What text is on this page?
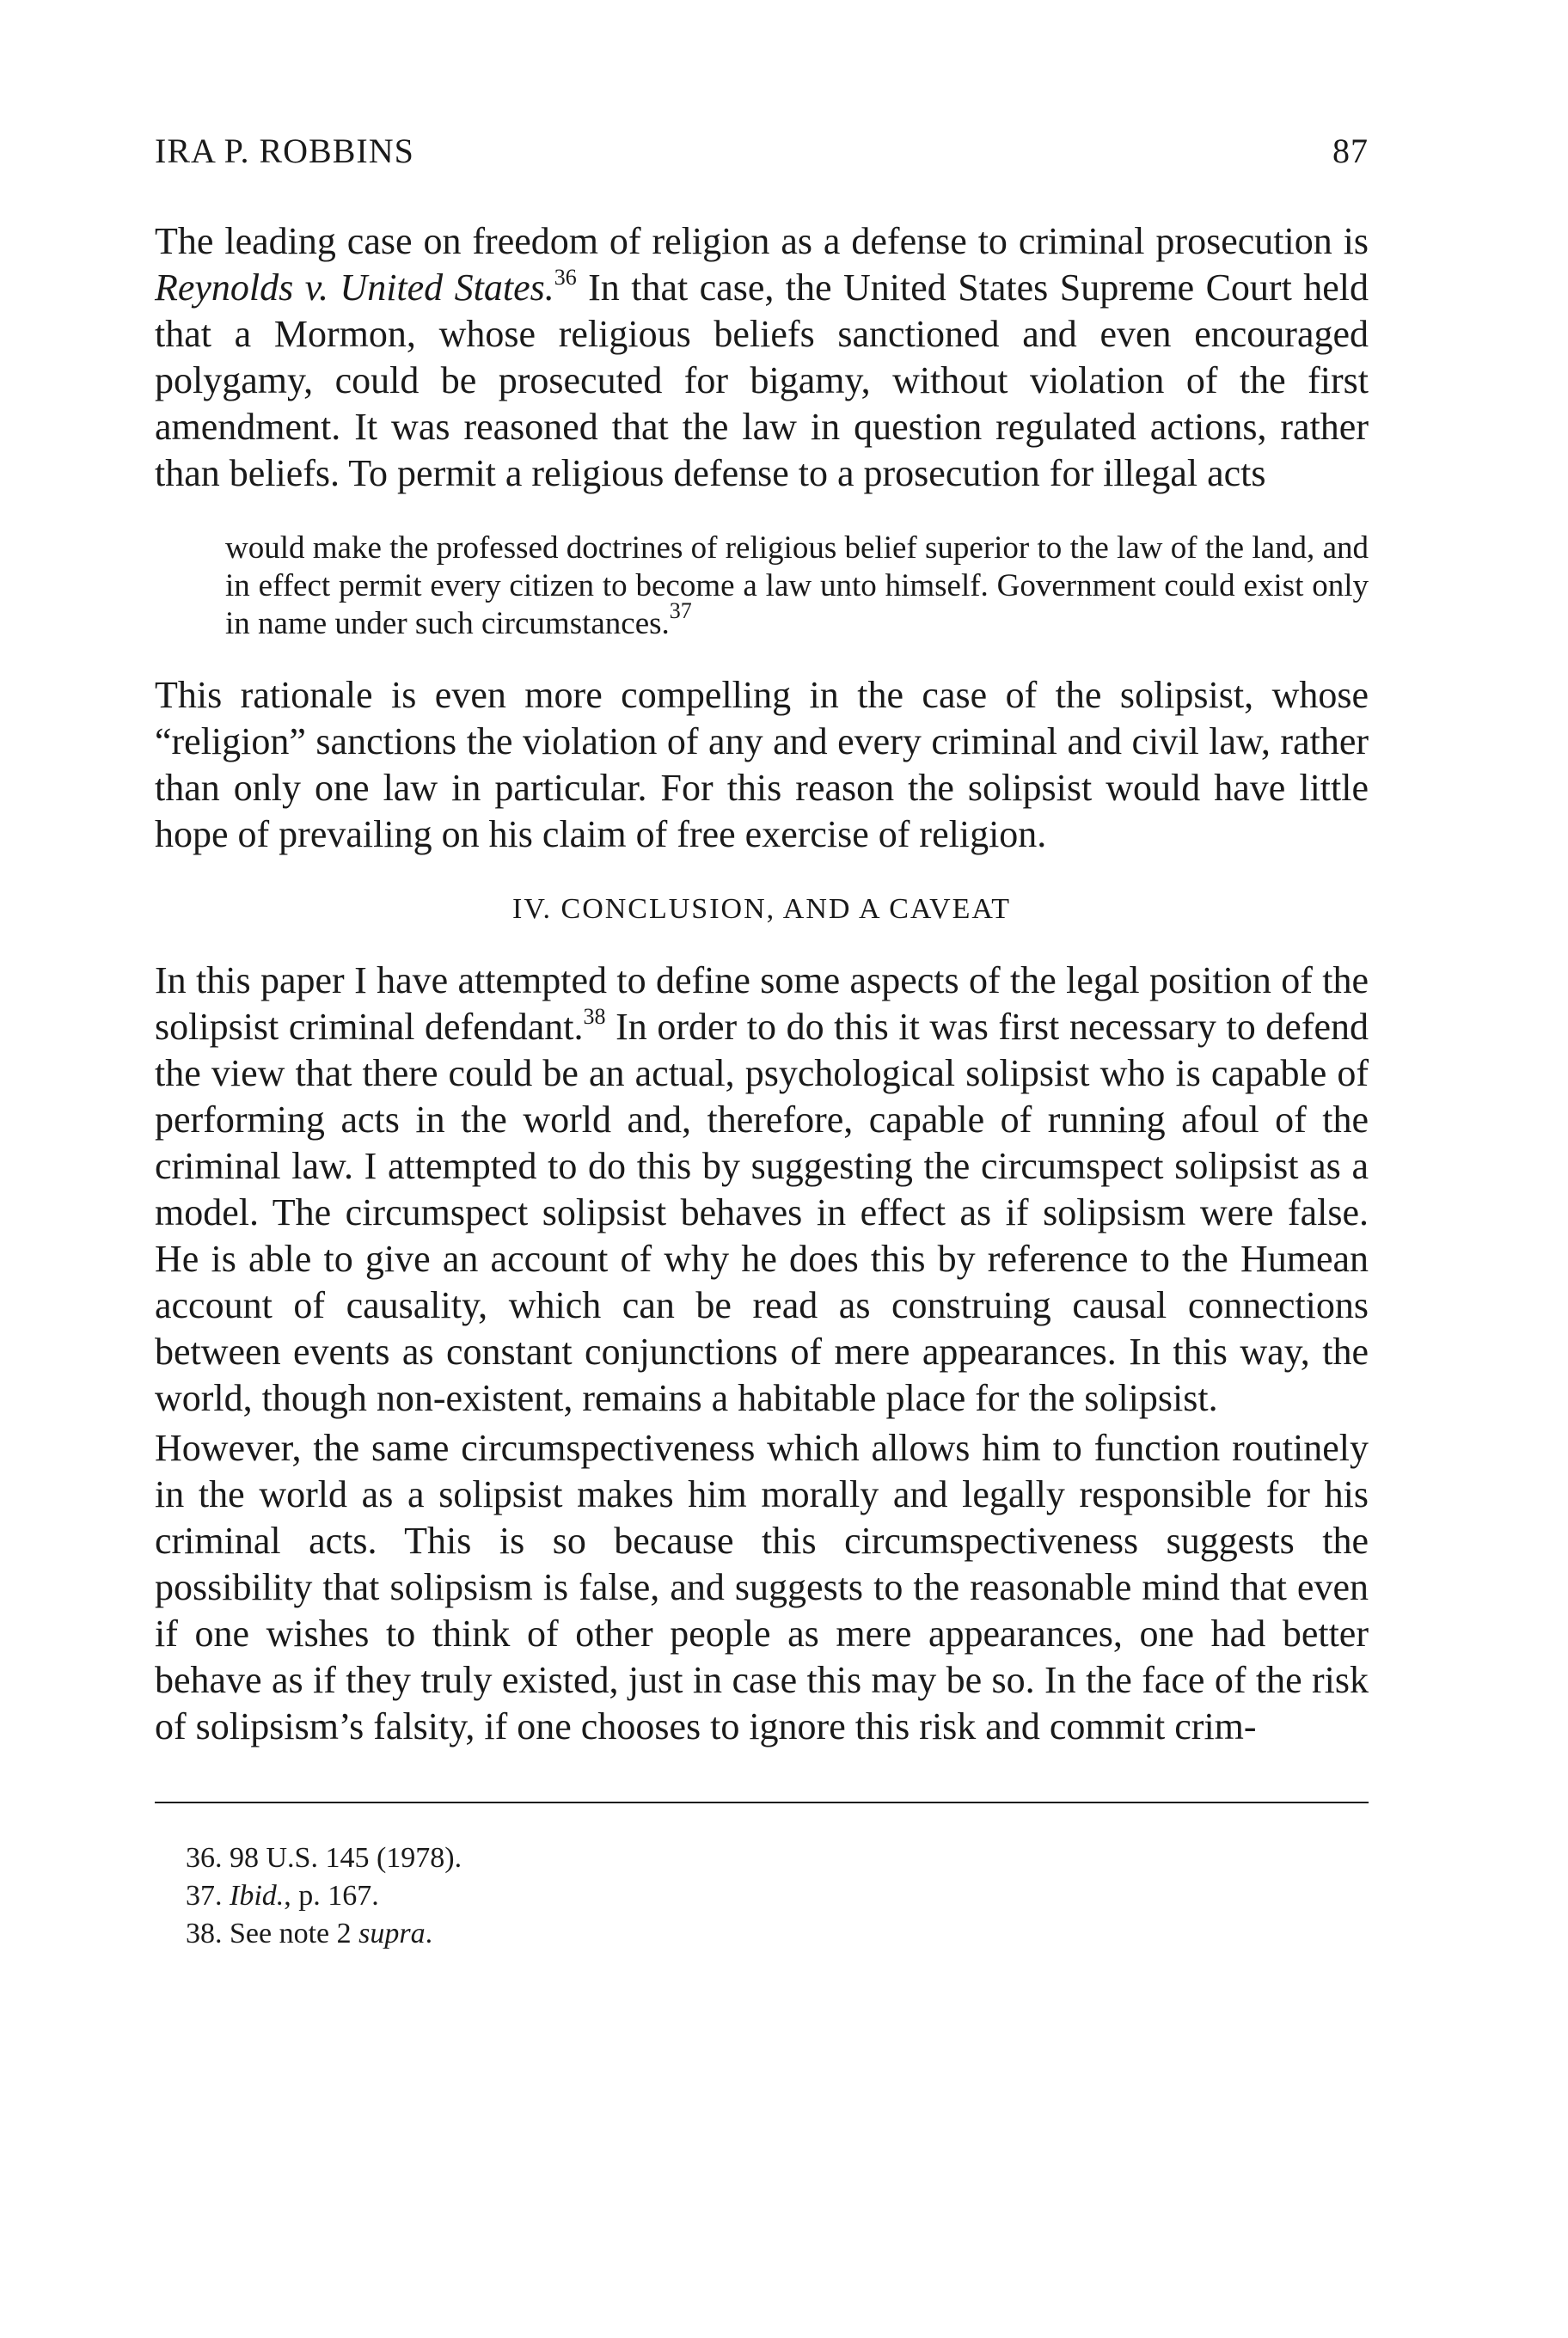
IRA P. ROBBINS	87

The leading case on freedom of religion as a defense to criminal prosecution is Reynolds v. United States.$^{36}$ In that case, the United States Supreme Court held that a Mormon, whose religious beliefs sanctioned and even encouraged polygamy, could be prosecuted for bigamy, without violation of the first amendment. It was reasoned that the law in question regulated actions, rather than beliefs. To permit a religious defense to a prosecution for illegal acts

would make the professed doctrines of religious belief superior to the law of the land, and in effect permit every citizen to become a law unto himself. Government could exist only in name under such circumstances.$^{37}$

This rationale is even more compelling in the case of the solipsist, whose “religion” sanctions the violation of any and every criminal and civil law, rather than only one law in particular. For this reason the solipsist would have little hope of prevailing on his claim of free exercise of religion.

IV. CONCLUSION, AND A CAVEAT

In this paper I have attempted to define some aspects of the legal position of the solipsist criminal defendant.$^{38}$ In order to do this it was first necessary to defend the view that there could be an actual, psychological solipsist who is capable of performing acts in the world and, therefore, capable of running afoul of the criminal law. I attempted to do this by suggesting the circumspect solipsist as a model. The circumspect solipsist behaves in effect as if solipsism were false. He is able to give an account of why he does this by reference to the Humean account of causality, which can be read as construing causal connections between events as constant conjunctions of mere appearances. In this way, the world, though non-existent, remains a habitable place for the solipsist.

However, the same circumspectiveness which allows him to function routinely in the world as a solipsist makes him morally and legally responsible for his criminal acts. This is so because this circumspectiveness suggests the possibility that solipsism is false, and suggests to the reasonable mind that even if one wishes to think of other people as mere appearances, one had better behave as if they truly existed, just in case this may be so. In the face of the risk of solipsism’s falsity, if one chooses to ignore this risk and commit crim-

36. 98 U.S. 145 (1978).
37. Ibid., p. 167.
38. See note 2 supra.
